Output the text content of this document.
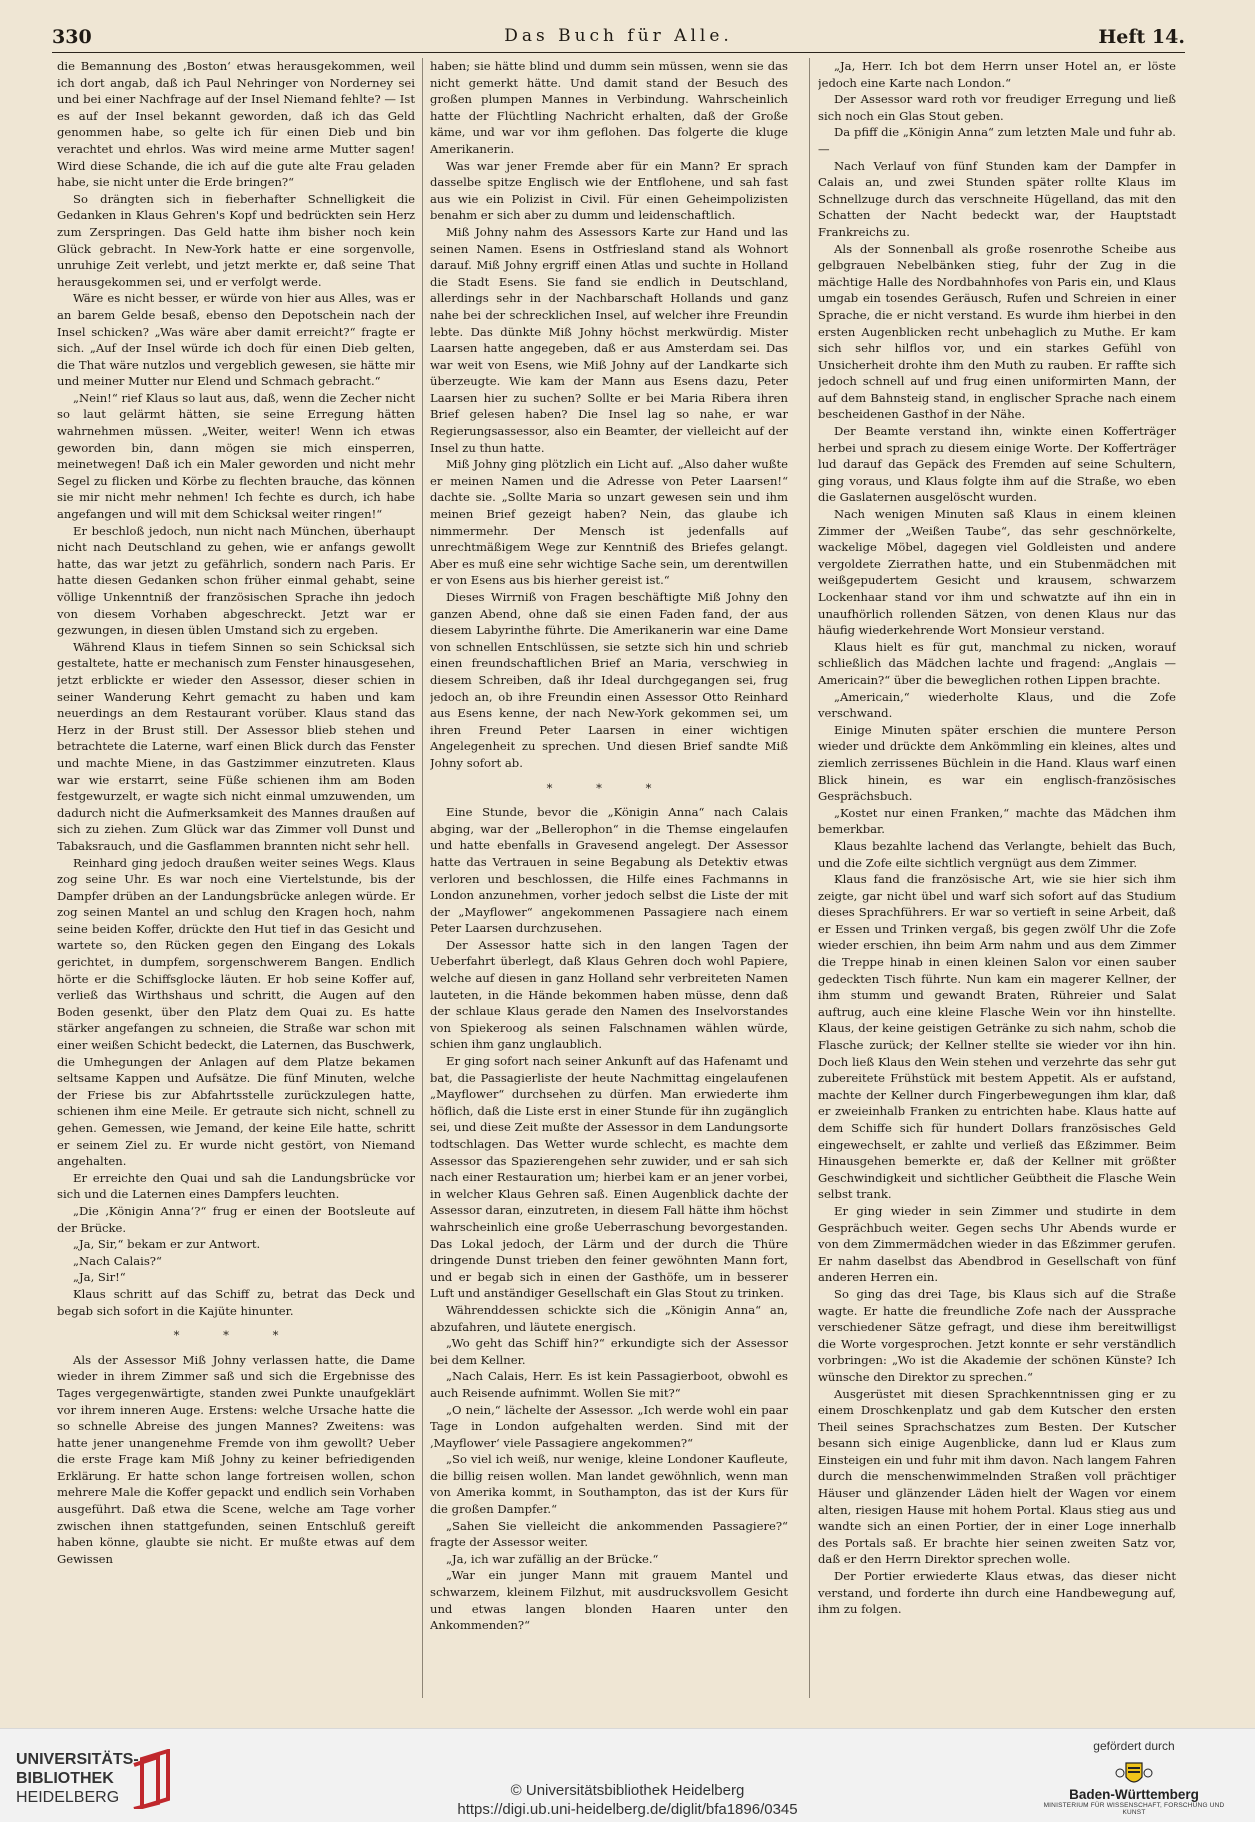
330	Das Buch für Alle.	Heft 14.

die Bemannung des ‚Boston‘ etwas herausgekommen, weil ich dort angab, daß ich Paul Nehringer von Norderney sei und bei einer Nachfrage auf der Insel Niemand fehlte? — Ist es auf der Insel bekannt geworden, daß ich das Geld genommen habe, so gelte ich für einen Dieb und bin verachtet und ehrlos. Was wird meine arme Mutter sagen! Wird diese Schande, die ich auf die gute alte Frau geladen habe, sie nicht unter die Erde bringen?“

So drängten sich in fieberhafter Schnelligkeit die Gedanken in Klaus Gehren's Kopf und bedrückten sein Herz zum Zerspringen. Das Geld hatte ihm bisher noch kein Glück gebracht. In New-York hatte er eine sorgenvolle, unruhige Zeit verlebt, und jetzt merkte er, daß seine That herausgekommen sei, und er verfolgt werde.

Wäre es nicht besser, er würde von hier aus Alles, was er an barem Gelde besaß, ebenso den Depotschein nach der Insel schicken? „Was wäre aber damit erreicht?“ fragte er sich. „Auf der Insel würde ich doch für einen Dieb gelten, die That wäre nutzlos und vergeblich gewesen, sie hätte mir und meiner Mutter nur Elend und Schmach gebracht.“

„Nein!“ rief Klaus so laut aus, daß, wenn die Zecher nicht so laut gelärmt hätten, sie seine Erregung hätten wahrnehmen müssen. „Weiter, weiter! Wenn ich etwas geworden bin, dann mögen sie mich einsperren, meinetwegen! Daß ich ein Maler geworden und nicht mehr Segel zu flicken und Körbe zu flechten brauche, das können sie mir nicht mehr nehmen! Ich fechte es durch, ich habe angefangen und will mit dem Schicksal weiter ringen!“

Er beschloß jedoch, nun nicht nach München, überhaupt nicht nach Deutschland zu gehen, wie er anfangs gewollt hatte, das war jetzt zu gefährlich, sondern nach Paris. Er hatte diesen Gedanken schon früher einmal gehabt, seine völlige Unkenntniß der französischen Sprache ihn jedoch von diesem Vorhaben abgeschreckt. Jetzt war er gezwungen, in diesen üblen Umstand sich zu ergeben.

Während Klaus in tiefem Sinnen so sein Schicksal sich gestaltete, hatte er mechanisch zum Fenster hinausgesehen, jetzt erblickte er wieder den Assessor, dieser schien in seiner Wanderung Kehrt gemacht zu haben und kam neuerdings an dem Restaurant vorüber. Klaus stand das Herz in der Brust still. Der Assessor blieb stehen und betrachtete die Laterne, warf einen Blick durch das Fenster und machte Miene, in das Gastzimmer einzutreten. Klaus war wie erstarrt, seine Füße schienen ihm am Boden festgewurzelt, er wagte sich nicht einmal umzuwenden, um dadurch nicht die Aufmerksamkeit des Mannes draußen auf sich zu ziehen. Zum Glück war das Zimmer voll Dunst und Tabaksrauch, und die Gasflammen brannten nicht sehr hell.

Reinhard ging jedoch draußen weiter seines Wegs. Klaus zog seine Uhr. Es war noch eine Viertelstunde, bis der Dampfer drüben an der Landungsbrücke anlegen würde. Er zog seinen Mantel an und schlug den Kragen hoch, nahm seine beiden Koffer, drückte den Hut tief in das Gesicht und wartete so, den Rücken gegen den Eingang des Lokals gerichtet, in dumpfem, sorgenschwerem Bangen. Endlich hörte er die Schiffsglocke läuten. Er hob seine Koffer auf, verließ das Wirthshaus und schritt, die Augen auf den Boden gesenkt, über den Platz dem Quai zu. Es hatte stärker angefangen zu schneien, die Straße war schon mit einer weißen Schicht bedeckt, die Laternen, das Buschwerk, die Umhegungen der Anlagen auf dem Platze bekamen seltsame Kappen und Aufsätze. Die fünf Minuten, welche der Friese bis zur Abfahrtsstelle zurückzulegen hatte, schienen ihm eine Meile. Er getraute sich nicht, schnell zu gehen. Gemessen, wie Jemand, der keine Eile hatte, schritt er seinem Ziel zu. Er wurde nicht gestört, von Niemand angehalten.

Er erreichte den Quai und sah die Landungsbrücke vor sich und die Laternen eines Dampfers leuchten.

„Die ‚Königin Anna‘?“ frug er einen der Bootsleute auf der Brücke.

„Ja, Sir,“ bekam er zur Antwort.

„Nach Calais?“

„Ja, Sir!“

Klaus schritt auf das Schiff zu, betrat das Deck und begab sich sofort in die Kajüte hinunter.

* * *

Als der Assessor Miß Johny verlassen hatte, die Dame wieder in ihrem Zimmer saß und sich die Ergebnisse des Tages vergegenwärtigte, standen zwei Punkte unaufgeklärt vor ihrem inneren Auge. Erstens: welche Ursache hatte die so schnelle Abreise des jungen Mannes? Zweitens: was hatte jener unangenehme Fremde von ihm gewollt? Ueber die erste Frage kam Miß Johny zu keiner befriedigenden Erklärung. Er hatte schon lange fortreisen wollen, schon mehrere Male die Koffer gepackt und endlich sein Vorhaben ausgeführt. Daß etwa die Scene, welche am Tage vorher zwischen ihnen stattgefunden, seinen Entschluß gereift haben könne, glaubte sie nicht. Er mußte etwas auf dem Gewissen

haben; sie hätte blind und dumm sein müssen, wenn sie das nicht gemerkt hätte. Und damit stand der Besuch des großen plumpen Mannes in Verbindung. Wahrscheinlich hatte der Flüchtling Nachricht erhalten, daß der Große käme, und war vor ihm geflohen. Das folgerte die kluge Amerikanerin.

Was war jener Fremde aber für ein Mann? Er sprach dasselbe spitze Englisch wie der Entflohene, und sah fast aus wie ein Polizist in Civil. Für einen Geheimpolizisten benahm er sich aber zu dumm und leidenschaftlich.

Miß Johny nahm des Assessors Karte zur Hand und las seinen Namen. Esens in Ostfriesland stand als Wohnort darauf. Miß Johny ergriff einen Atlas und suchte in Holland die Stadt Esens. Sie fand sie endlich in Deutschland, allerdings sehr in der Nachbarschaft Hollands und ganz nahe bei der schrecklichen Insel, auf welcher ihre Freundin lebte. Das dünkte Miß Johny höchst merkwürdig. Mister Laarsen hatte angegeben, daß er aus Amsterdam sei. Das war weit von Esens, wie Miß Johny auf der Landkarte sich überzeugte. Wie kam der Mann aus Esens dazu, Peter Laarsen hier zu suchen? Sollte er bei Maria Ribera ihren Brief gelesen haben? Die Insel lag so nahe, er war Regierungsassessor, also ein Beamter, der vielleicht auf der Insel zu thun hatte.

Miß Johny ging plötzlich ein Licht auf. „Also daher wußte er meinen Namen und die Adresse von Peter Laarsen!“ dachte sie. „Sollte Maria so unzart gewesen sein und ihm meinen Brief gezeigt haben? Nein, das glaube ich nimmermehr. Der Mensch ist jedenfalls auf unrechtmäßigem Wege zur Kenntniß des Briefes gelangt. Aber es muß eine sehr wichtige Sache sein, um derentwillen er von Esens aus bis hierher gereist ist.“

Dieses Wirrniß von Fragen beschäftigte Miß Johny den ganzen Abend, ohne daß sie einen Faden fand, der aus diesem Labyrinthe führte. Die Amerikanerin war eine Dame von schnellen Entschlüssen, sie setzte sich hin und schrieb einen freundschaftlichen Brief an Maria, verschwieg in diesem Schreiben, daß ihr Ideal durchgegangen sei, frug jedoch an, ob ihre Freundin einen Assessor Otto Reinhard aus Esens kenne, der nach New-York gekommen sei, um ihren Freund Peter Laarsen in einer wichtigen Angelegenheit zu sprechen. Und diesen Brief sandte Miß Johny sofort ab.

* * *

Eine Stunde, bevor die „Königin Anna“ nach Calais abging, war der „Bellerophon“ in die Themse eingelaufen und hatte ebenfalls in Gravesend angelegt. Der Assessor hatte das Vertrauen in seine Begabung als Detektiv etwas verloren und beschlossen, die Hilfe eines Fachmanns in London anzunehmen, vorher jedoch selbst die Liste der mit der „Mayflower“ angekommenen Passagiere nach einem Peter Laarsen durchzusehen.

Der Assessor hatte sich in den langen Tagen der Ueberfahrt überlegt, daß Klaus Gehren doch wohl Papiere, welche auf diesen in ganz Holland sehr verbreiteten Namen lauteten, in die Hände bekommen haben müsse, denn daß der schlaue Klaus gerade den Namen des Inselvorstandes von Spiekeroog als seinen Falschnamen wählen würde, schien ihm ganz unglaublich.

Er ging sofort nach seiner Ankunft auf das Hafenamt und bat, die Passagierliste der heute Nachmittag eingelaufenen „Mayflower“ durchsehen zu dürfen. Man erwiederte ihm höflich, daß die Liste erst in einer Stunde für ihn zugänglich sei, und diese Zeit mußte der Assessor in dem Landungsorte todtschlagen. Das Wetter wurde schlecht, es machte dem Assessor das Spazierengehen sehr zuwider, und er sah sich nach einer Restauration um; hierbei kam er an jener vorbei, in welcher Klaus Gehren saß. Einen Augenblick dachte der Assessor daran, einzutreten, in diesem Fall hätte ihm höchst wahrscheinlich eine große Ueberraschung bevorgestanden. Das Lokal jedoch, der Lärm und der durch die Thüre dringende Dunst trieben den feiner gewöhnten Mann fort, und er begab sich in einen der Gasthöfe, um in besserer Luft und anständiger Gesellschaft ein Glas Stout zu trinken.

Währenddessen schickte sich die „Königin Anna“ an, abzufahren, und läutete energisch.

„Wo geht das Schiff hin?“ erkundigte sich der Assessor bei dem Kellner.

„Nach Calais, Herr. Es ist kein Passagierboot, obwohl es auch Reisende aufnimmt. Wollen Sie mit?“

„O nein,“ lächelte der Assessor. „Ich werde wohl ein paar Tage in London aufgehalten werden. Sind mit der ‚Mayflower‘ viele Passagiere angekommen?“

„So viel ich weiß, nur wenige, kleine Londoner Kaufleute, die billig reisen wollen. Man landet gewöhnlich, wenn man von Amerika kommt, in Southampton, das ist der Kurs für die großen Dampfer.“

„Sahen Sie vielleicht die ankommenden Passagiere?“ fragte der Assessor weiter.

„Ja, ich war zufällig an der Brücke.“

„War ein junger Mann mit grauem Mantel und schwarzem, kleinem Filzhut, mit ausdrucksvollem Gesicht und etwas langen blonden Haaren unter den Ankommenden?“

„Ja, Herr. Ich bot dem Herrn unser Hotel an, er löste jedoch eine Karte nach London.“

Der Assessor ward roth vor freudiger Erregung und ließ sich noch ein Glas Stout geben.

Da pfiff die „Königin Anna“ zum letzten Male und fuhr ab. —

Nach Verlauf von fünf Stunden kam der Dampfer in Calais an, und zwei Stunden später rollte Klaus im Schnellzuge durch das verschneite Hügelland, das mit den Schatten der Nacht bedeckt war, der Hauptstadt Frankreichs zu.

Als der Sonnenball als große rosenrothe Scheibe aus gelbgrauen Nebelbänken stieg, fuhr der Zug in die mächtige Halle des Nordbahnhofes von Paris ein, und Klaus umgab ein tosendes Geräusch, Rufen und Schreien in einer Sprache, die er nicht verstand. Es wurde ihm hierbei in den ersten Augenblicken recht unbehaglich zu Muthe. Er kam sich sehr hilflos vor, und ein starkes Gefühl von Unsicherheit drohte ihm den Muth zu rauben. Er raffte sich jedoch schnell auf und frug einen uniformirten Mann, der auf dem Bahnsteig stand, in englischer Sprache nach einem bescheidenen Gasthof in der Nähe.

Der Beamte verstand ihn, winkte einen Kofferträger herbei und sprach zu diesem einige Worte. Der Kofferträger lud darauf das Gepäck des Fremden auf seine Schultern, ging voraus, und Klaus folgte ihm auf die Straße, wo eben die Gaslaternen ausgelöscht wurden.

Nach wenigen Minuten saß Klaus in einem kleinen Zimmer der „Weißen Taube“, das sehr geschnörkelte, wackelige Möbel, dagegen viel Goldleisten und andere vergoldete Zierrathen hatte, und ein Stubenmädchen mit weißgepudertem Gesicht und krausem, schwarzem Lockenhaar stand vor ihm und schwatzte auf ihn ein in unaufhörlich rollenden Sätzen, von denen Klaus nur das häufig wiederkehrende Wort Monsieur verstand.

Klaus hielt es für gut, manchmal zu nicken, worauf schließlich das Mädchen lachte und fragend: „Anglais — Americain?“ über die beweglichen rothen Lippen brachte.

„Americain,“ wiederholte Klaus, und die Zofe verschwand.

Einige Minuten später erschien die muntere Person wieder und drückte dem Ankömmling ein kleines, altes und ziemlich zerrissenes Büchlein in die Hand. Klaus warf einen Blick hinein, es war ein englisch-französisches Gesprächsbuch.

„Kostet nur einen Franken,“ machte das Mädchen ihm bemerkbar.

Klaus bezahlte lachend das Verlangte, behielt das Buch, und die Zofe eilte sichtlich vergnügt aus dem Zimmer.

Klaus fand die französische Art, wie sie hier sich ihm zeigte, gar nicht übel und warf sich sofort auf das Studium dieses Sprachführers. Er war so vertieft in seine Arbeit, daß er Essen und Trinken vergaß, bis gegen zwölf Uhr die Zofe wieder erschien, ihn beim Arm nahm und aus dem Zimmer die Treppe hinab in einen kleinen Salon vor einen sauber gedeckten Tisch führte. Nun kam ein magerer Kellner, der ihm stumm und gewandt Braten, Rühreier und Salat auftrug, auch eine kleine Flasche Wein vor ihn hinstellte. Klaus, der keine geistigen Getränke zu sich nahm, schob die Flasche zurück; der Kellner stellte sie wieder vor ihn hin. Doch ließ Klaus den Wein stehen und verzehrte das sehr gut zubereitete Frühstück mit bestem Appetit. Als er aufstand, machte der Kellner durch Fingerbewegungen ihm klar, daß er zweieinhalb Franken zu entrichten habe. Klaus hatte auf dem Schiffe sich für hundert Dollars französisches Geld eingewechselt, er zahlte und verließ das Eßzimmer. Beim Hinausgehen bemerkte er, daß der Kellner mit größter Geschwindigkeit und sichtlicher Geübtheit die Flasche Wein selbst trank.

Er ging wieder in sein Zimmer und studirte in dem Gesprächbuch weiter. Gegen sechs Uhr Abends wurde er von dem Zimmermädchen wieder in das Eßzimmer gerufen. Er nahm daselbst das Abendbrod in Gesellschaft von fünf anderen Herren ein.

So ging das drei Tage, bis Klaus sich auf die Straße wagte. Er hatte die freundliche Zofe nach der Aussprache verschiedener Sätze gefragt, und diese ihm bereitwilligst die Worte vorgesprochen. Jetzt konnte er sehr verständlich vorbringen: „Wo ist die Akademie der schönen Künste? Ich wünsche den Direktor zu sprechen.“

Ausgerüstet mit diesen Sprachkenntnissen ging er zu einem Droschkenplatz und gab dem Kutscher den ersten Theil seines Sprachschatzes zum Besten. Der Kutscher besann sich einige Augenblicke, dann lud er Klaus zum Einsteigen ein und fuhr mit ihm davon. Nach langem Fahren durch die menschenwimmelnden Straßen voll prächtiger Häuser und glänzender Läden hielt der Wagen vor einem alten, riesigen Hause mit hohem Portal. Klaus stieg aus und wandte sich an einen Portier, der in einer Loge innerhalb des Portals saß. Er brachte hier seinen zweiten Satz vor, daß er den Herrn Direktor sprechen wolle.

Der Portier erwiederte Klaus etwas, das dieser nicht verstand, und forderte ihn durch eine Handbewegung auf, ihm zu folgen.

UNIVERSITÄTS-
BIBLIOTHEK
HEIDELBERG	© Universitätsbibliothek Heidelberg
https://digi.ub.uni-heidelberg.de/diglit/bfa1896/0345
gefördert durch
Baden-Württemberg
MINISTERIUM FÜR WISSENSCHAFT, FORSCHUNG UND KUNST
